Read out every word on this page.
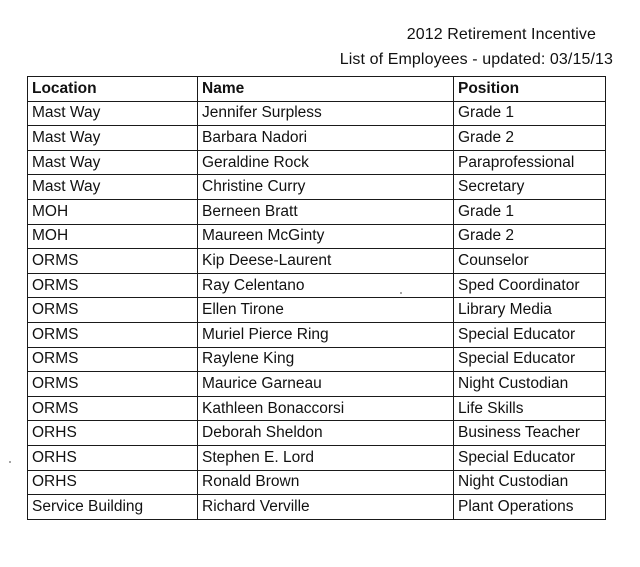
2012 Retirement Incentive
List of Employees - updated: 03/15/13
Location	Name	Position
Mast Way	Jennifer Surpless	Grade 1
Mast Way	Barbara Nadori	Grade 2
Mast Way	Geraldine Rock	Paraprofessional
Mast Way	Christine Curry	Secretary
MOH	Berneen Bratt	Grade 1
MOH	Maureen McGinty	Grade 2
ORMS	Kip Deese-Laurent	Counselor
ORMS	Ray Celentano	Sped Coordinator
ORMS	Ellen Tirone	Library Media
ORMS	Muriel Pierce Ring	Special Educator
ORMS	Raylene King	Special Educator
ORMS	Maurice Garneau	Night Custodian
ORMS	Kathleen Bonaccorsi	Life Skills
ORHS	Deborah Sheldon	Business Teacher
ORHS	Stephen E. Lord	Special Educator
ORHS	Ronald Brown	Night Custodian
Service Building	Richard Verville	Plant Operations
